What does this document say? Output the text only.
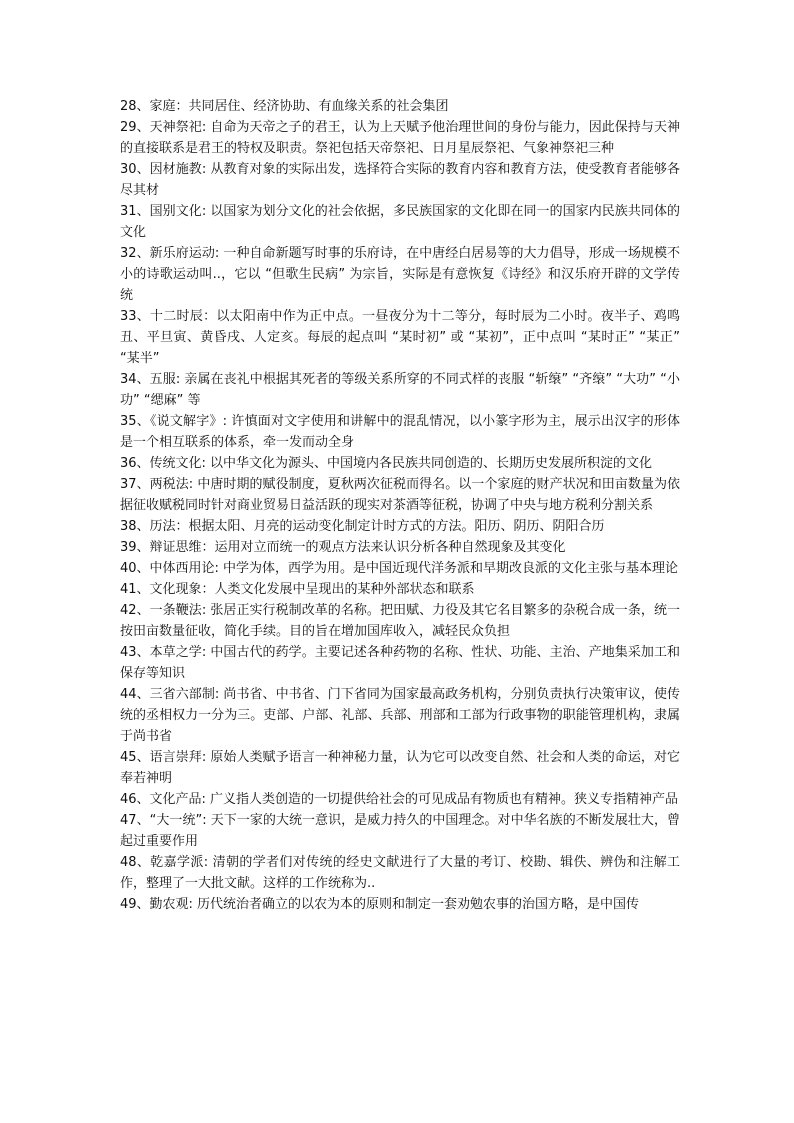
28、家庭：共同居住、经济协助、有血缘关系的社会集团

29、天神祭祀: 自命为天帝之子的君王，认为上天赋予他治理世间的身份与能力，因此保持与天神的直接联系是君王的特权及职责。祭祀包括天帝祭祀、日月星辰祭祀、气象神祭祀三种

30、因材施教: 从教育对象的实际出发，选择符合实际的教育内容和教育方法，使受教育者能够各尽其材

31、国别文化: 以国家为划分文化的社会依据，多民族国家的文化即在同一的国家内民族共同体的文化

32、新乐府运动: 一种自命新题写时事的乐府诗，在中唐经白居易等的大力倡导，形成一场规模不小的诗歌运动叫..，它以 “但歌生民病” 为宗旨，实际是有意恢复《诗经》和汉乐府开辟的文学传统

33、十二时辰：以太阳南中作为正中点。一昼夜分为十二等分，每时辰为二小时。夜半子、鸡鸣丑、平旦寅、黄昏戌、人定亥。每辰的起点叫 “某时初” 或 “某初”，正中点叫 “某时正” “某正” “某半”

34、五服: 亲属在丧礼中根据其死者的等级关系所穿的不同式样的丧服 “斩缞” “齐缞” “大功” “小功” “缌麻” 等

35、《说文解字》: 许慎面对文字使用和讲解中的混乱情况，以小篆字形为主，展示出汉字的形体是一个相互联系的体系，牵一发而动全身

36、传统文化: 以中华文化为源头、中国境内各民族共同创造的、长期历史发展所积淀的文化

37、两税法: 中唐时期的赋役制度，夏秋两次征税而得名。以一个家庭的财产状况和田亩数量为依据征收赋税同时针对商业贸易日益活跃的现实对茶酒等征税，协调了中央与地方税利分割关系

38、历法：根据太阳、月亮的运动变化制定计时方式的方法。阳历、阴历、阴阳合历

39、辩证思维：运用对立而统一的观点方法来认识分析各种自然现象及其变化

40、中体西用论: 中学为体，西学为用。是中国近现代洋务派和早期改良派的文化主张与基本理论

41、文化现象：人类文化发展中呈现出的某种外部状态和联系

42、一条鞭法: 张居正实行税制改革的名称。把田赋、力役及其它名目繁多的杂税合成一条，统一按田亩数量征收，简化手续。目的旨在增加国库收入，减轻民众负担

43、本草之学: 中国古代的药学。主要记述各种药物的名称、性状、功能、主治、产地集采加工和保存等知识

44、三省六部制: 尚书省、中书省、门下省同为国家最高政务机构，分别负责执行决策审议，使传统的丞相权力一分为三。吏部、户部、礼部、兵部、刑部和工部为行政事物的职能管理机构，隶属于尚书省

45、语言崇拜: 原始人类赋予语言一种神秘力量，认为它可以改变自然、社会和人类的命运，对它奉若神明

46、文化产品: 广义指人类创造的一切提供给社会的可见成品有物质也有精神。狭义专指精神产品

47、“大一统”: 天下一家的大统一意识，是威力持久的中国理念。对中华名族的不断发展壮大，曾起过重要作用

48、乾嘉学派: 清朝的学者们对传统的经史文献进行了大量的考订、校勘、辑佚、辨伪和注解工作，整理了一大批文献。这样的工作统称为..

49、勤农观: 历代统治者确立的以农为本的原则和制定一套劝勉农事的治国方略，是中国传
